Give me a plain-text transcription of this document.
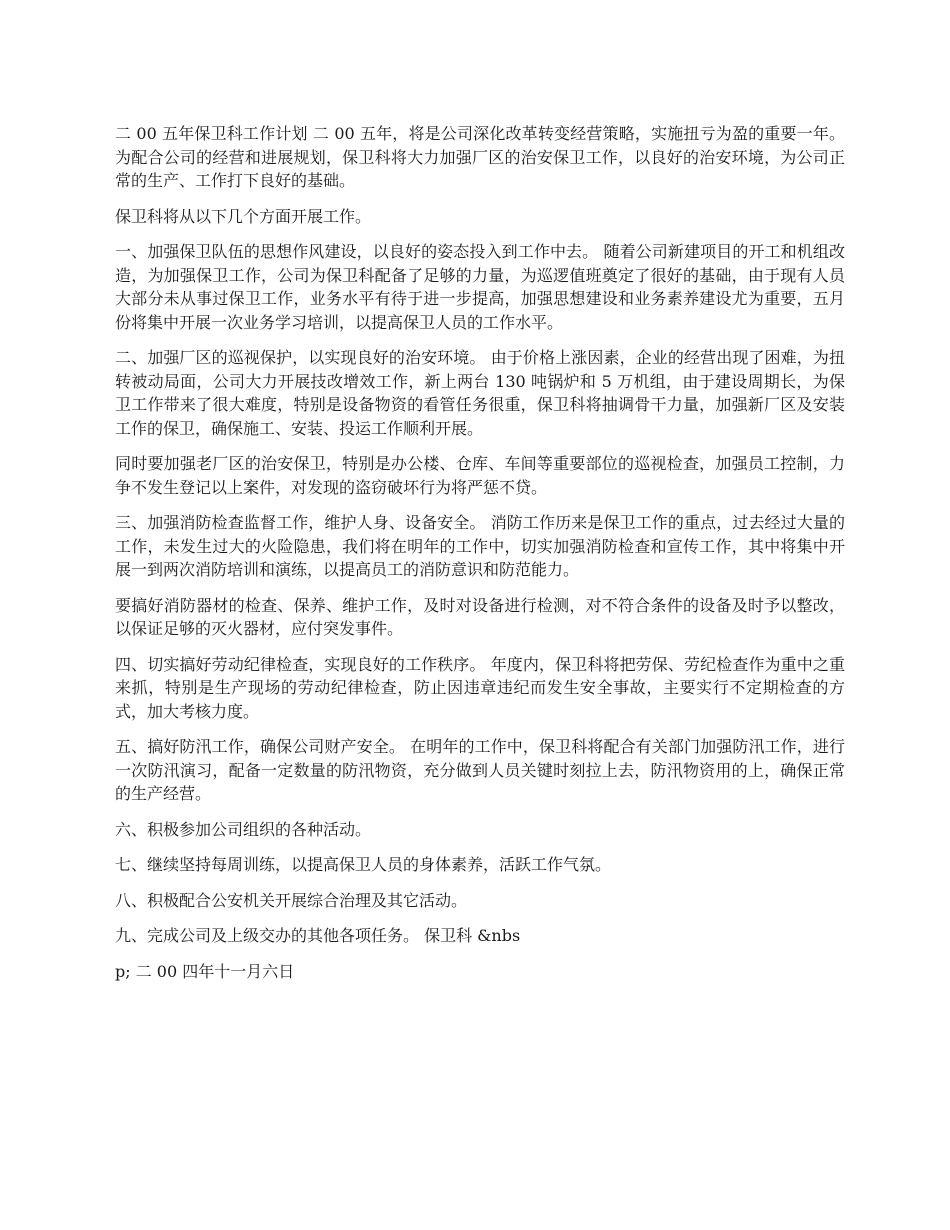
二 00 五年保卫科工作计划 二 00 五年，将是公司深化改革转变经营策略，实施扭亏为盈的重要一年。为配合公司的经营和进展规划，保卫科将大力加强厂区的治安保卫工作，以良好的治安环境，为公司正常的生产、工作打下良好的基础。

保卫科将从以下几个方面开展工作。

一、加强保卫队伍的思想作风建设，以良好的姿态投入到工作中去。 随着公司新建项目的开工和机组改造，为加强保卫工作，公司为保卫科配备了足够的力量，为巡逻值班奠定了很好的基础，由于现有人员大部分未从事过保卫工作，业务水平有待于进一步提高，加强思想建设和业务素养建设尤为重要，五月份将集中开展一次业务学习培训，以提高保卫人员的工作水平。

二、加强厂区的巡视保护，以实现良好的治安环境。 由于价格上涨因素，企业的经营出现了困难，为扭转被动局面，公司大力开展技改增效工作，新上两台 130 吨锅炉和 5 万机组，由于建设周期长，为保卫工作带来了很大难度，特别是设备物资的看管任务很重，保卫科将抽调骨干力量，加强新厂区及安装工作的保卫，确保施工、安装、投运工作顺利开展。

同时要加强老厂区的治安保卫，特别是办公楼、仓库、车间等重要部位的巡视检查，加强员工控制，力争不发生登记以上案件，对发现的盗窃破坏行为将严惩不贷。

三、加强消防检查监督工作，维护人身、设备安全。 消防工作历来是保卫工作的重点，过去经过大量的工作，未发生过大的火险隐患，我们将在明年的工作中，切实加强消防检查和宣传工作，其中将集中开展一到两次消防培训和演练，以提高员工的消防意识和防范能力。

要搞好消防器材的检查、保养、维护工作，及时对设备进行检测，对不符合条件的设备及时予以整改，以保证足够的灭火器材，应付突发事件。

四、切实搞好劳动纪律检查，实现良好的工作秩序。 年度内，保卫科将把劳保、劳纪检查作为重中之重来抓，特别是生产现场的劳动纪律检查，防止因违章违纪而发生安全事故，主要实行不定期检查的方式，加大考核力度。

五、搞好防汛工作，确保公司财产安全。 在明年的工作中，保卫科将配合有关部门加强防汛工作，进行一次防汛演习，配备一定数量的防汛物资，充分做到人员关键时刻拉上去，防汛物资用的上，确保正常的生产经营。

六、积极参加公司组织的各种活动。

七、继续坚持每周训练，以提高保卫人员的身体素养，活跃工作气氛。

八、积极配合公安机关开展综合治理及其它活动。

九、完成公司及上级交办的其他各项任务。 保卫科 &nbs

p; 二 00 四年十一月六日
